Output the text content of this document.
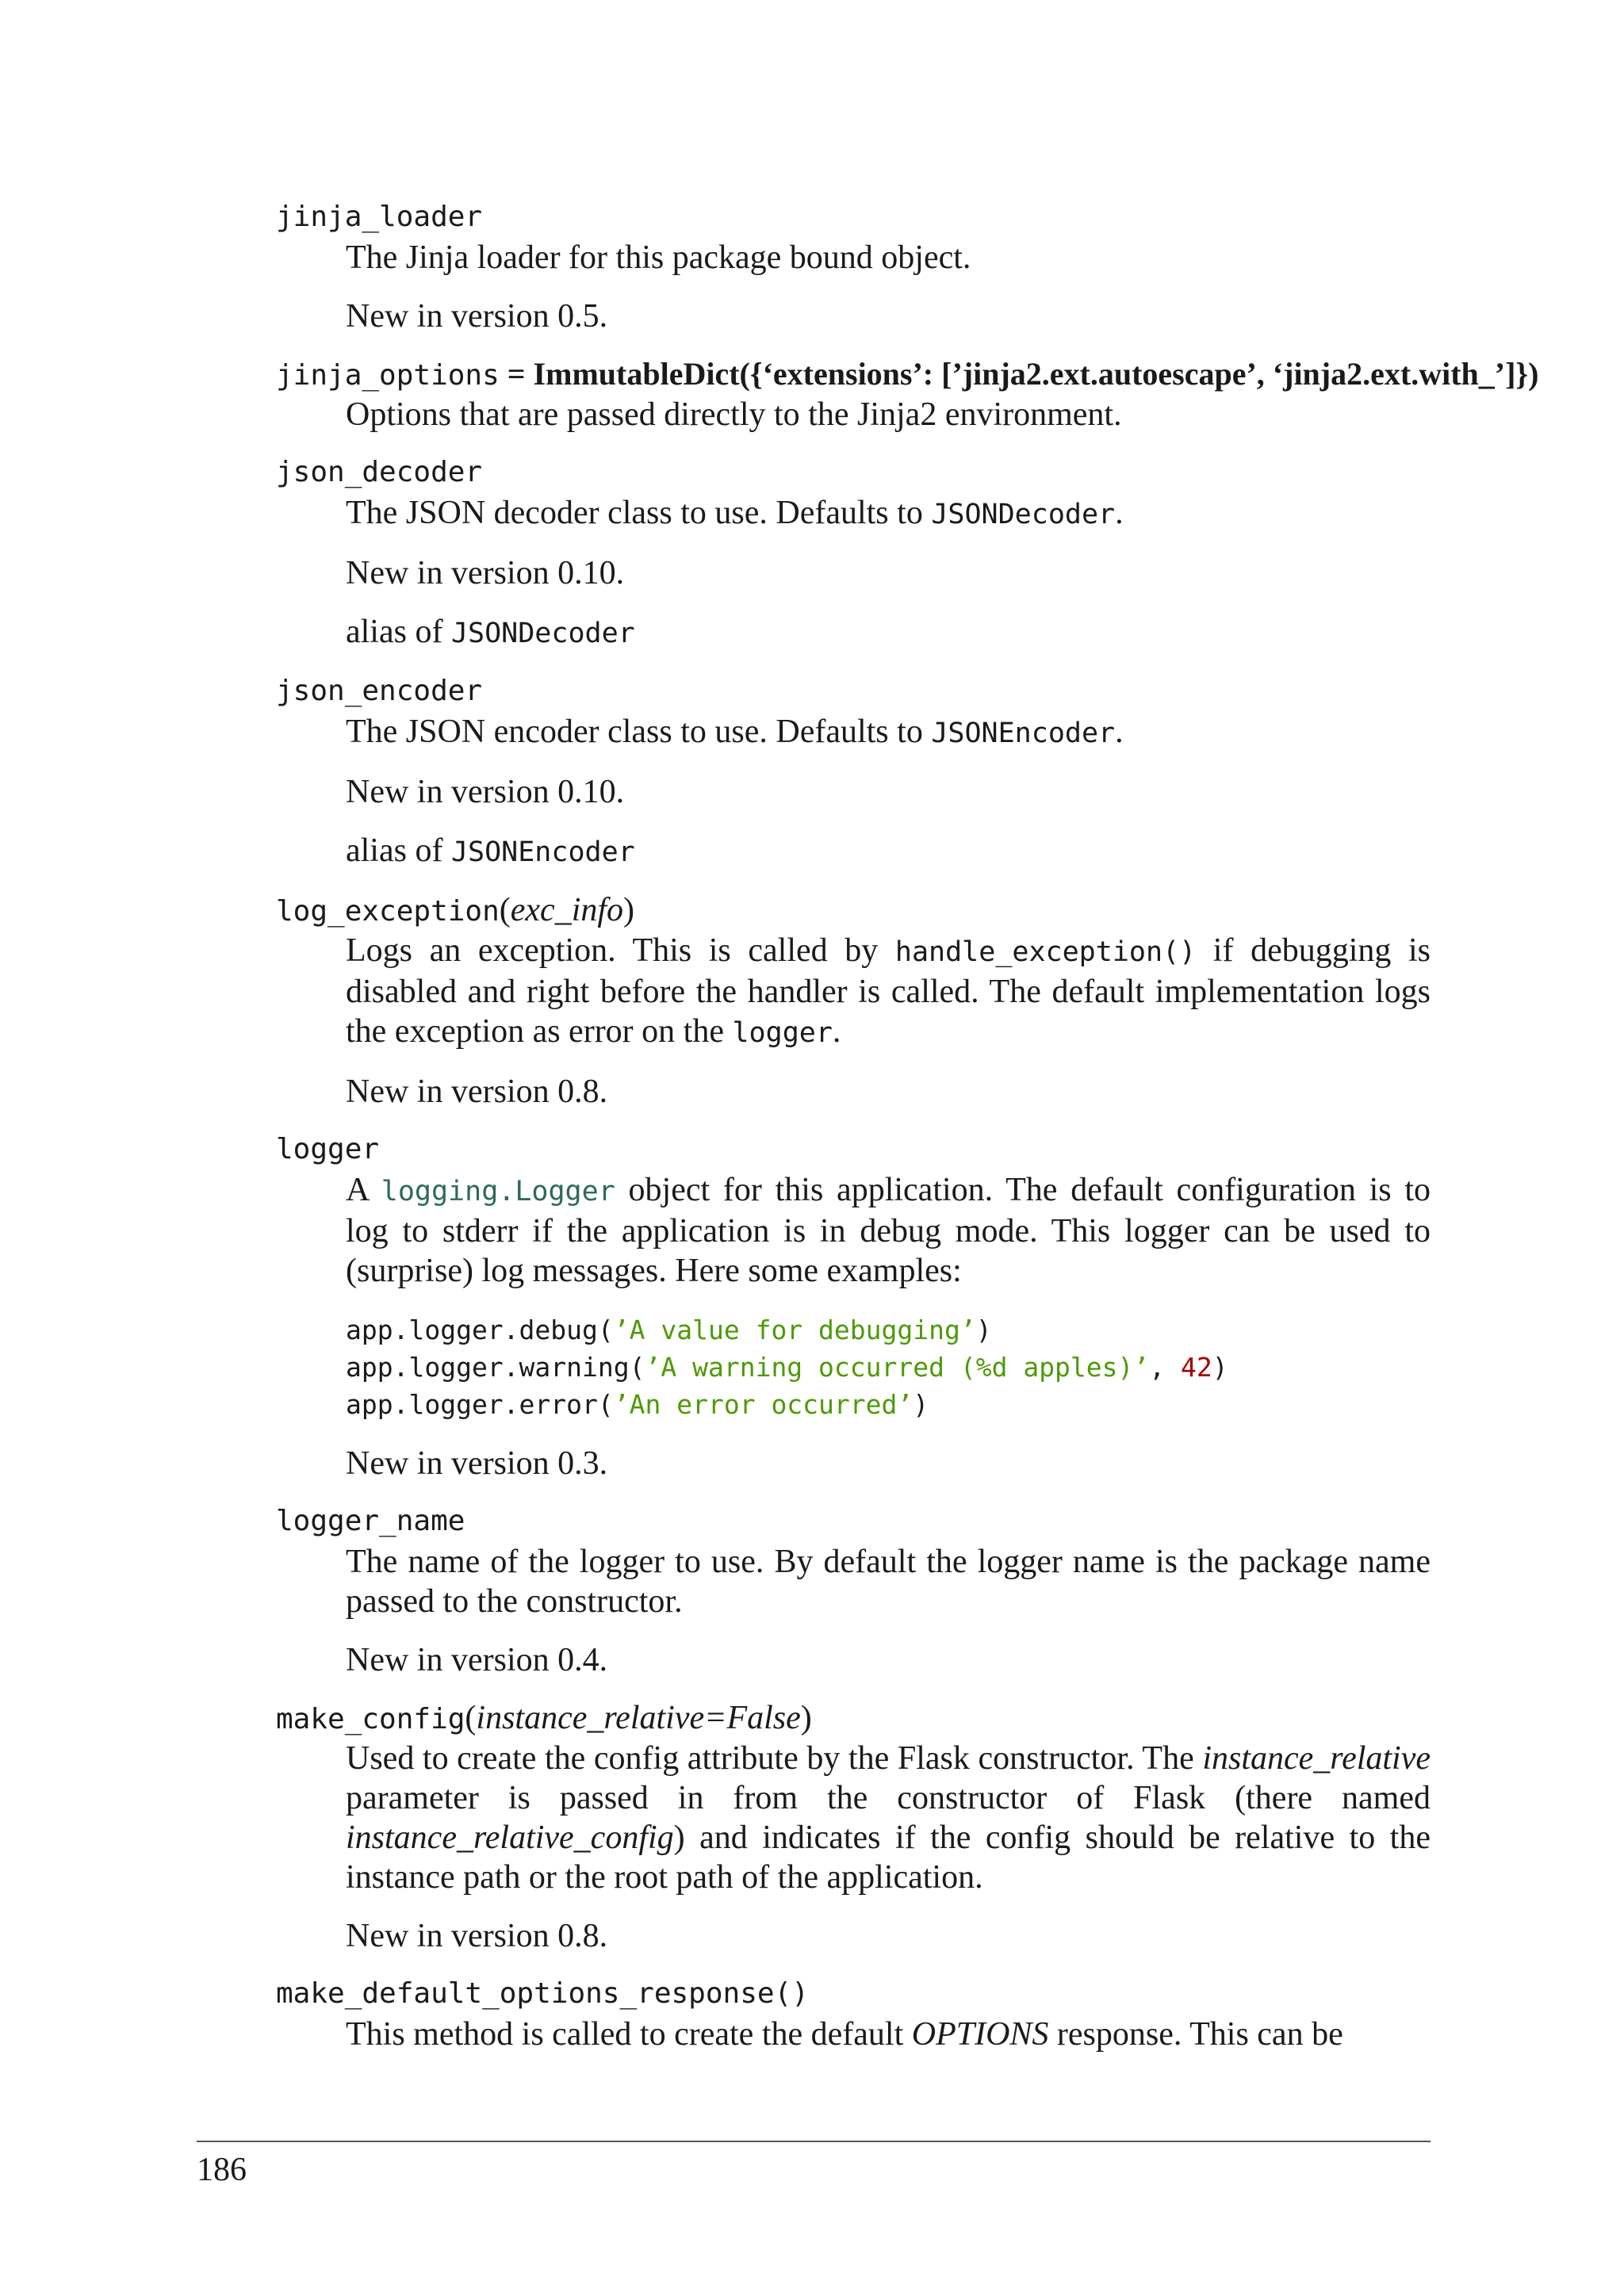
jinja_loader

The Jinja loader for this package bound object.

New in version 0.5.

jinja_options = ImmutableDict({‘extensions’: [’jinja2.ext.autoescape’, ‘jinja2.ext.with_’]})

Options that are passed directly to the Jinja2 environment.

json_decoder

The JSON decoder class to use. Defaults to JSONDecoder.

New in version 0.10.

alias of JSONDecoder

json_encoder

The JSON encoder class to use. Defaults to JSONEncoder.

New in version 0.10.

alias of JSONEncoder

log_exception(exc_info)

Logs an exception. This is called by handle_exception() if debugging is disabled and right before the handler is called. The default implementation logs the exception as error on the logger.

New in version 0.8.

logger

A logging.Logger object for this application. The default configuration is to log to stderr if the application is in debug mode. This logger can be used to (surprise) log messages. Here some examples:

app.logger.debug(’A value for debugging’)
app.logger.warning(’A warning occurred (%d apples)’, 42)
app.logger.error(’An error occurred’)

New in version 0.3.

logger_name

The name of the logger to use. By default the logger name is the package name passed to the constructor.

New in version 0.4.

make_config(instance_relative=False)

Used to create the config attribute by the Flask constructor. The instance_relative parameter is passed in from the constructor of Flask (there named instance_relative_config) and indicates if the config should be relative to the instance path or the root path of the application.

New in version 0.8.

make_default_options_response()

This method is called to create the default OPTIONS response. This can be

186
